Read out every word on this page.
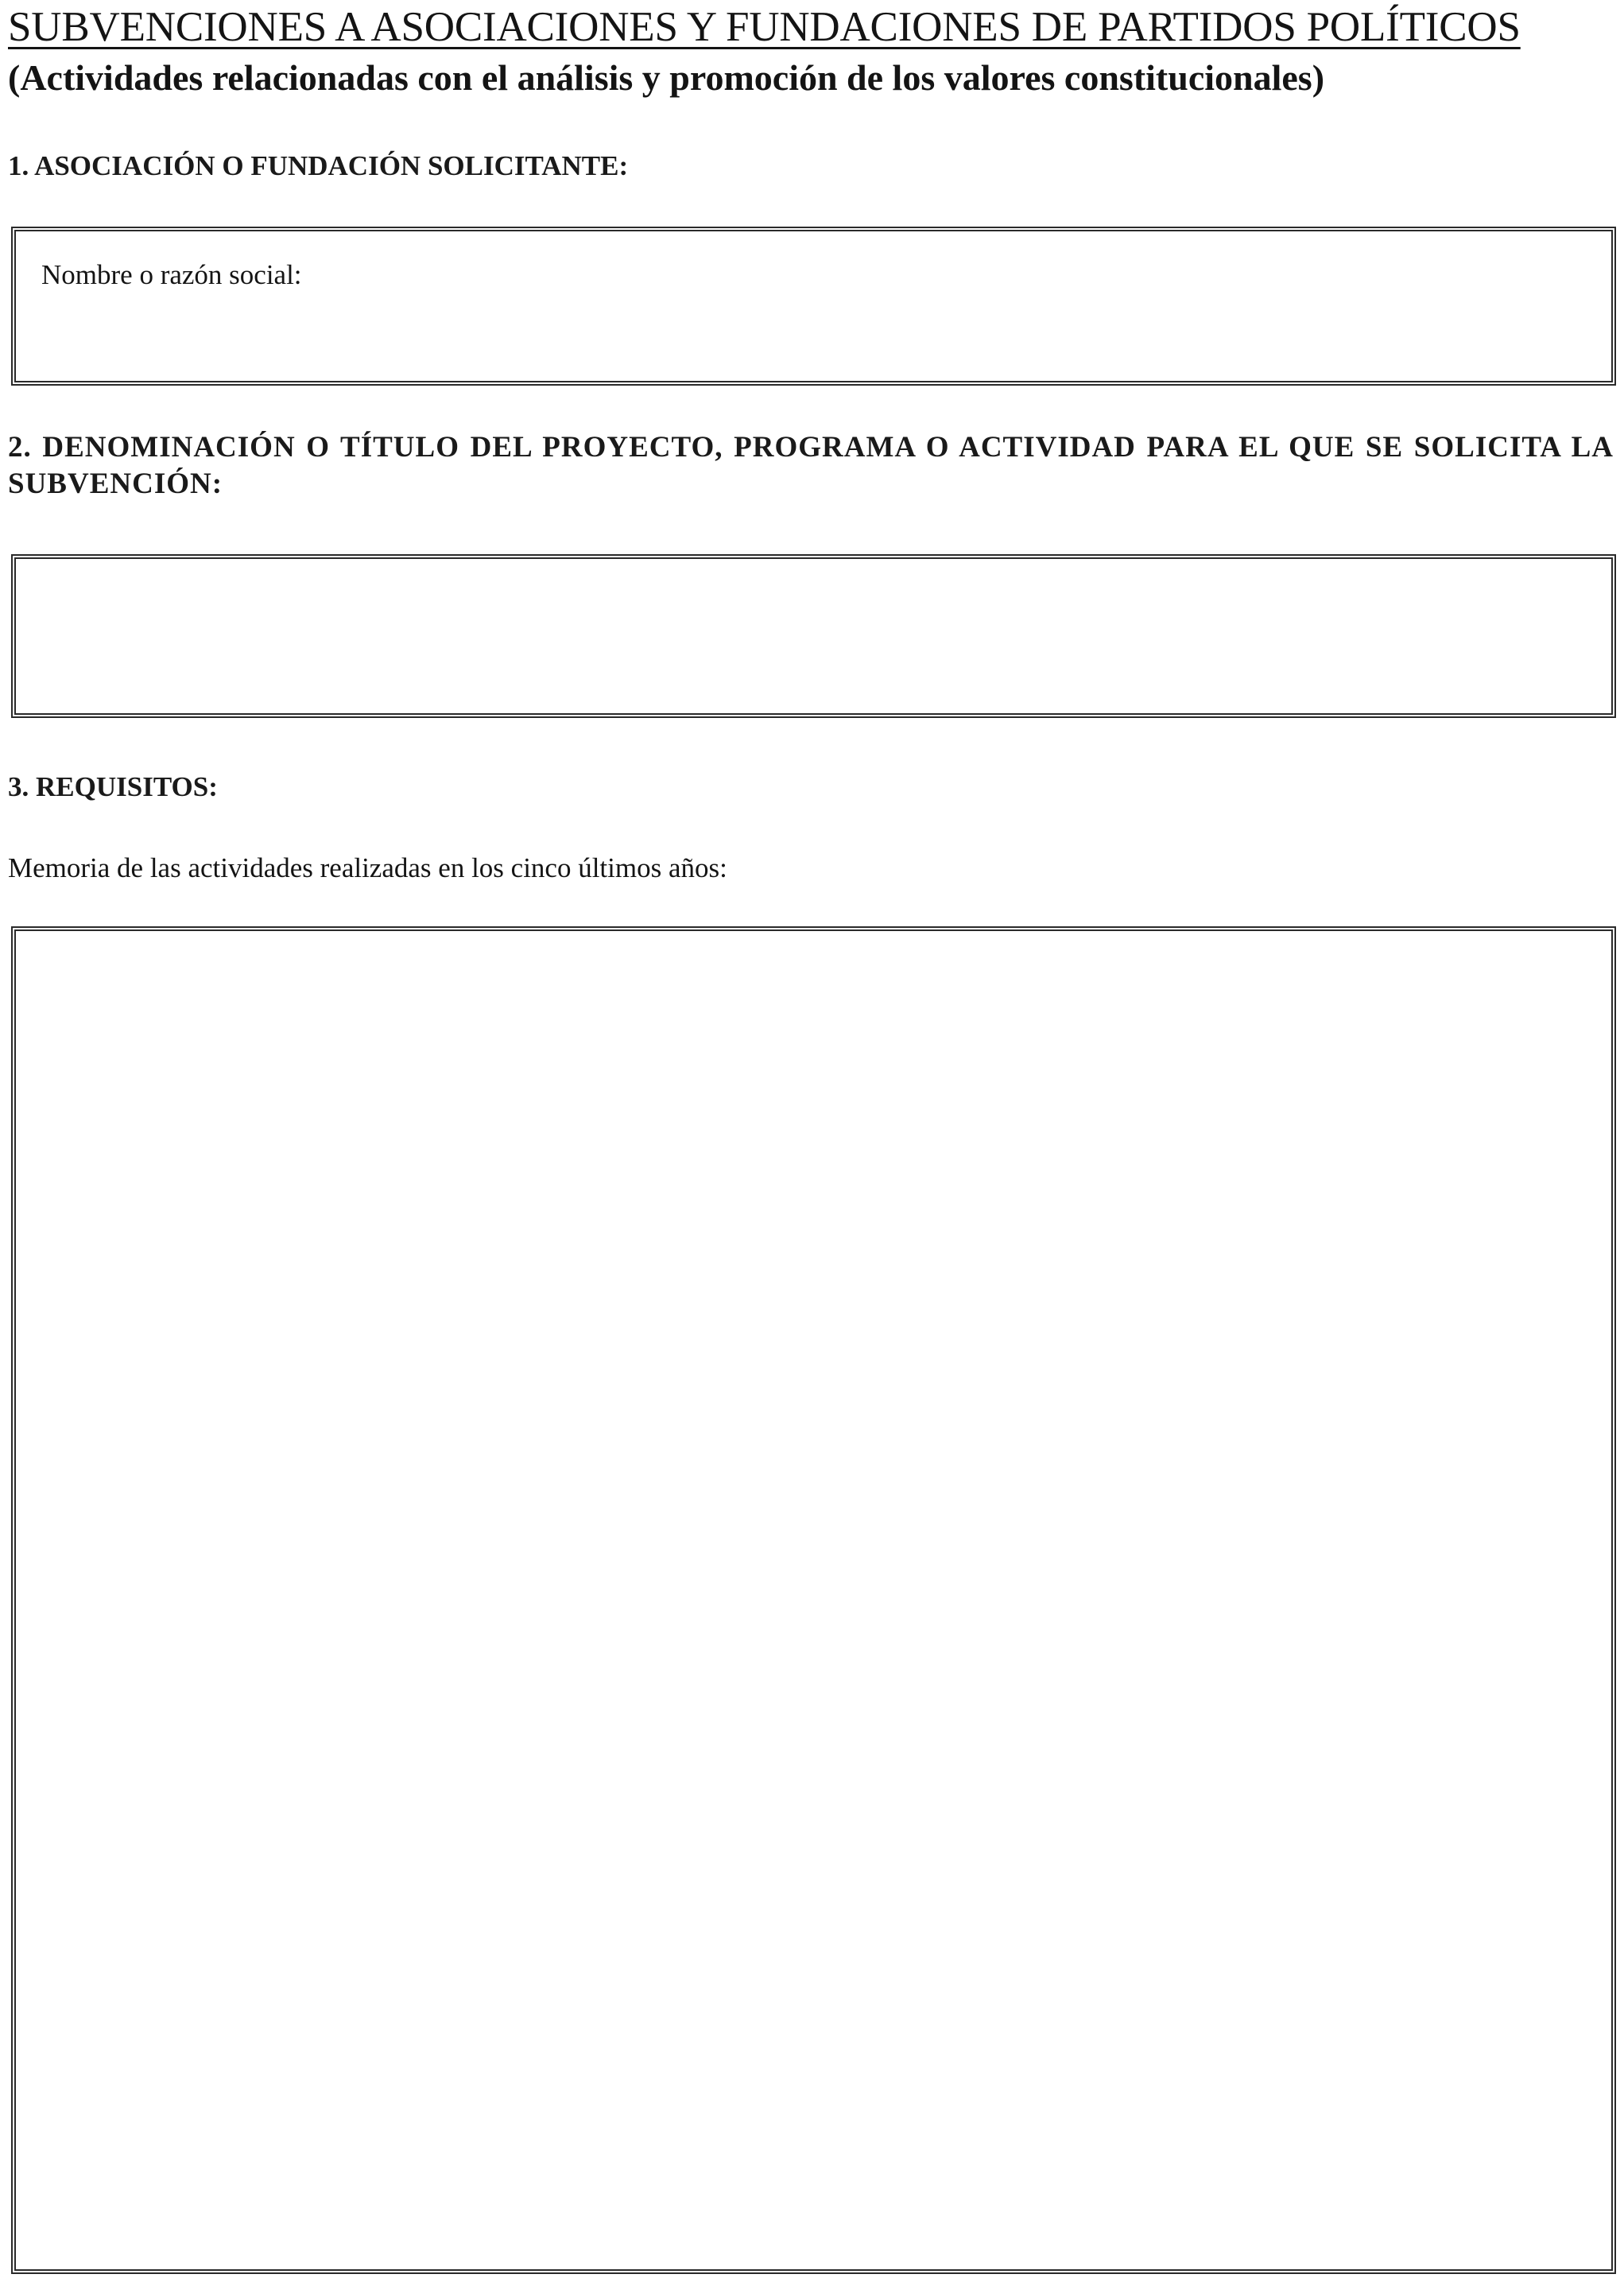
SUBVENCIONES A ASOCIACIONES Y FUNDACIONES DE PARTIDOS POLÍTICOS
(Actividades relacionadas con el análisis y promoción de los valores constitucionales)
1. ASOCIACIÓN O FUNDACIÓN SOLICITANTE:
Nombre o razón social:
2. DENOMINACIÓN O TÍTULO DEL PROYECTO, PROGRAMA O ACTIVIDAD PARA EL QUE SE SOLICITA LA SUBVENCIÓN:
3. REQUISITOS:

Memoria de las actividades realizadas en los cinco últimos años:
